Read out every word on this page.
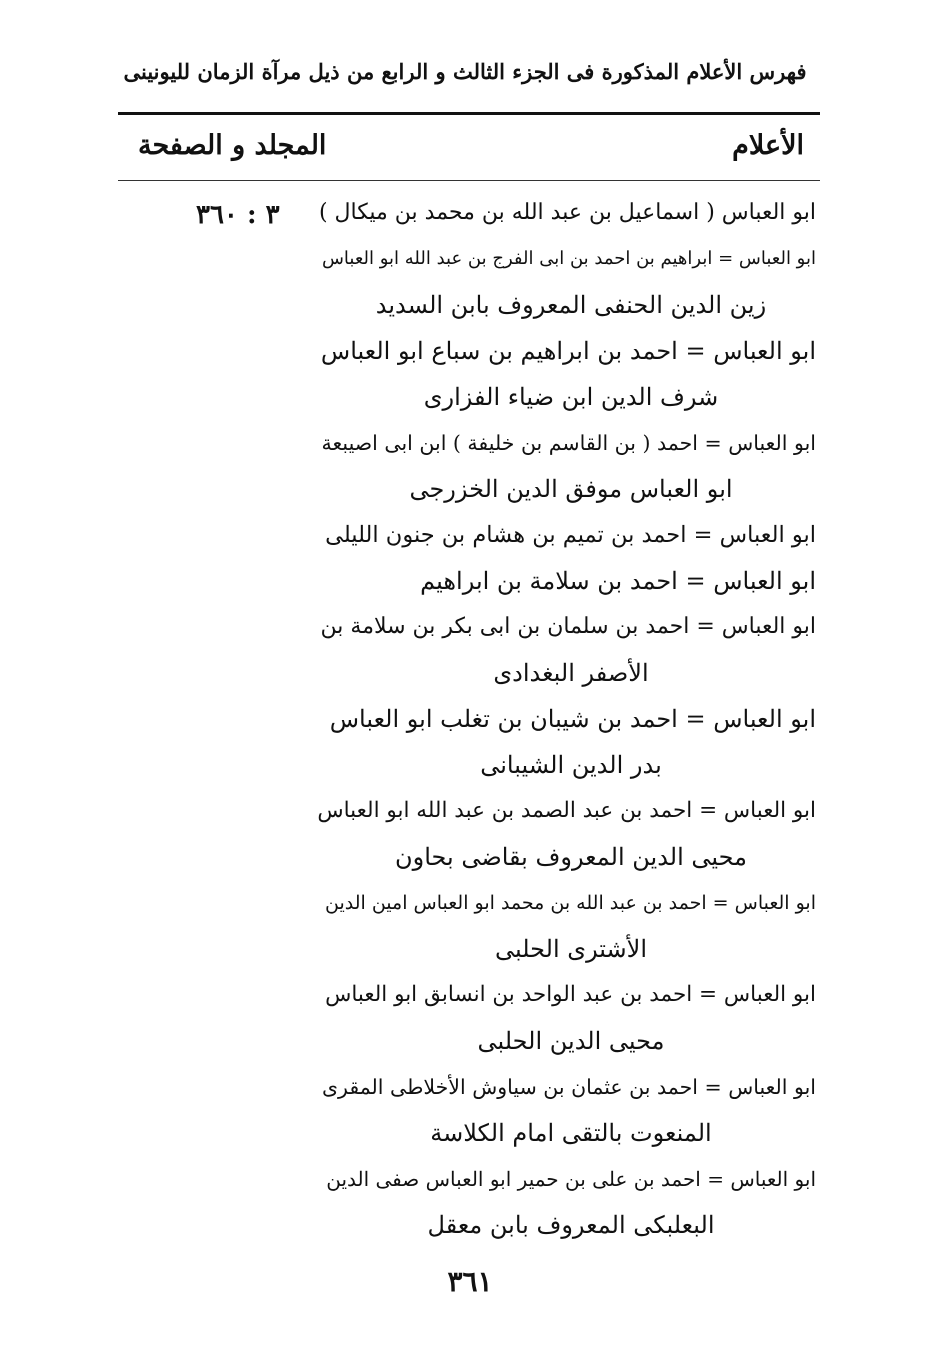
فهرس الأعلام المذكورة فى الجزء الثالث و الرابع من ذيل مرآة الزمان لليونينى
الأعلام
المجلد و الصفحة
٣ : ٣٦٠	ابو العباس ( اسماعيل بن عبد الله بن محمد بن ميكال )
ابو العباس = ابراهيم بن احمد بن ابى الفرج بن عبد الله ابو العباس
زين الدين الحنفى المعروف بابن السديد
ابو العباس = احمد بن ابراهيم بن سباع ابو العباس
شرف الدين ابن ضياء الفزارى
ابو العباس = احمد ( بن القاسم بن خليفة ) ابن ابى اصيبعة
ابو العباس موفق الدين الخزرجى
ابو العباس = احمد بن تميم بن هشام بن جنون الليلى
ابو العباس = احمد بن سلامة بن ابراهيم
ابو العباس = احمد بن سلمان بن ابى بكر بن سلامة بن
الأصفر البغدادى
ابو العباس = احمد بن شيبان بن تغلب ابو العباس
بدر الدين الشيبانى
ابو العباس = احمد بن عبد الصمد بن عبد الله ابو العباس
محيى الدين المعروف بقاضى بحاون
ابو العباس = احمد بن عبد الله بن محمد ابو العباس امين الدين
الأشترى الحلبى
ابو العباس = احمد بن عبد الواحد بن انسابق ابو العباس
محيى الدين الحلبى
ابو العباس = احمد بن عثمان بن سياوش الأخلاطى المقرى
المنعوت بالتقى امام الكلاسة
ابو العباس = احمد بن على بن حمير ابو العباس صفى الدين
البعلبكى المعروف بابن معقل
٣٦١
